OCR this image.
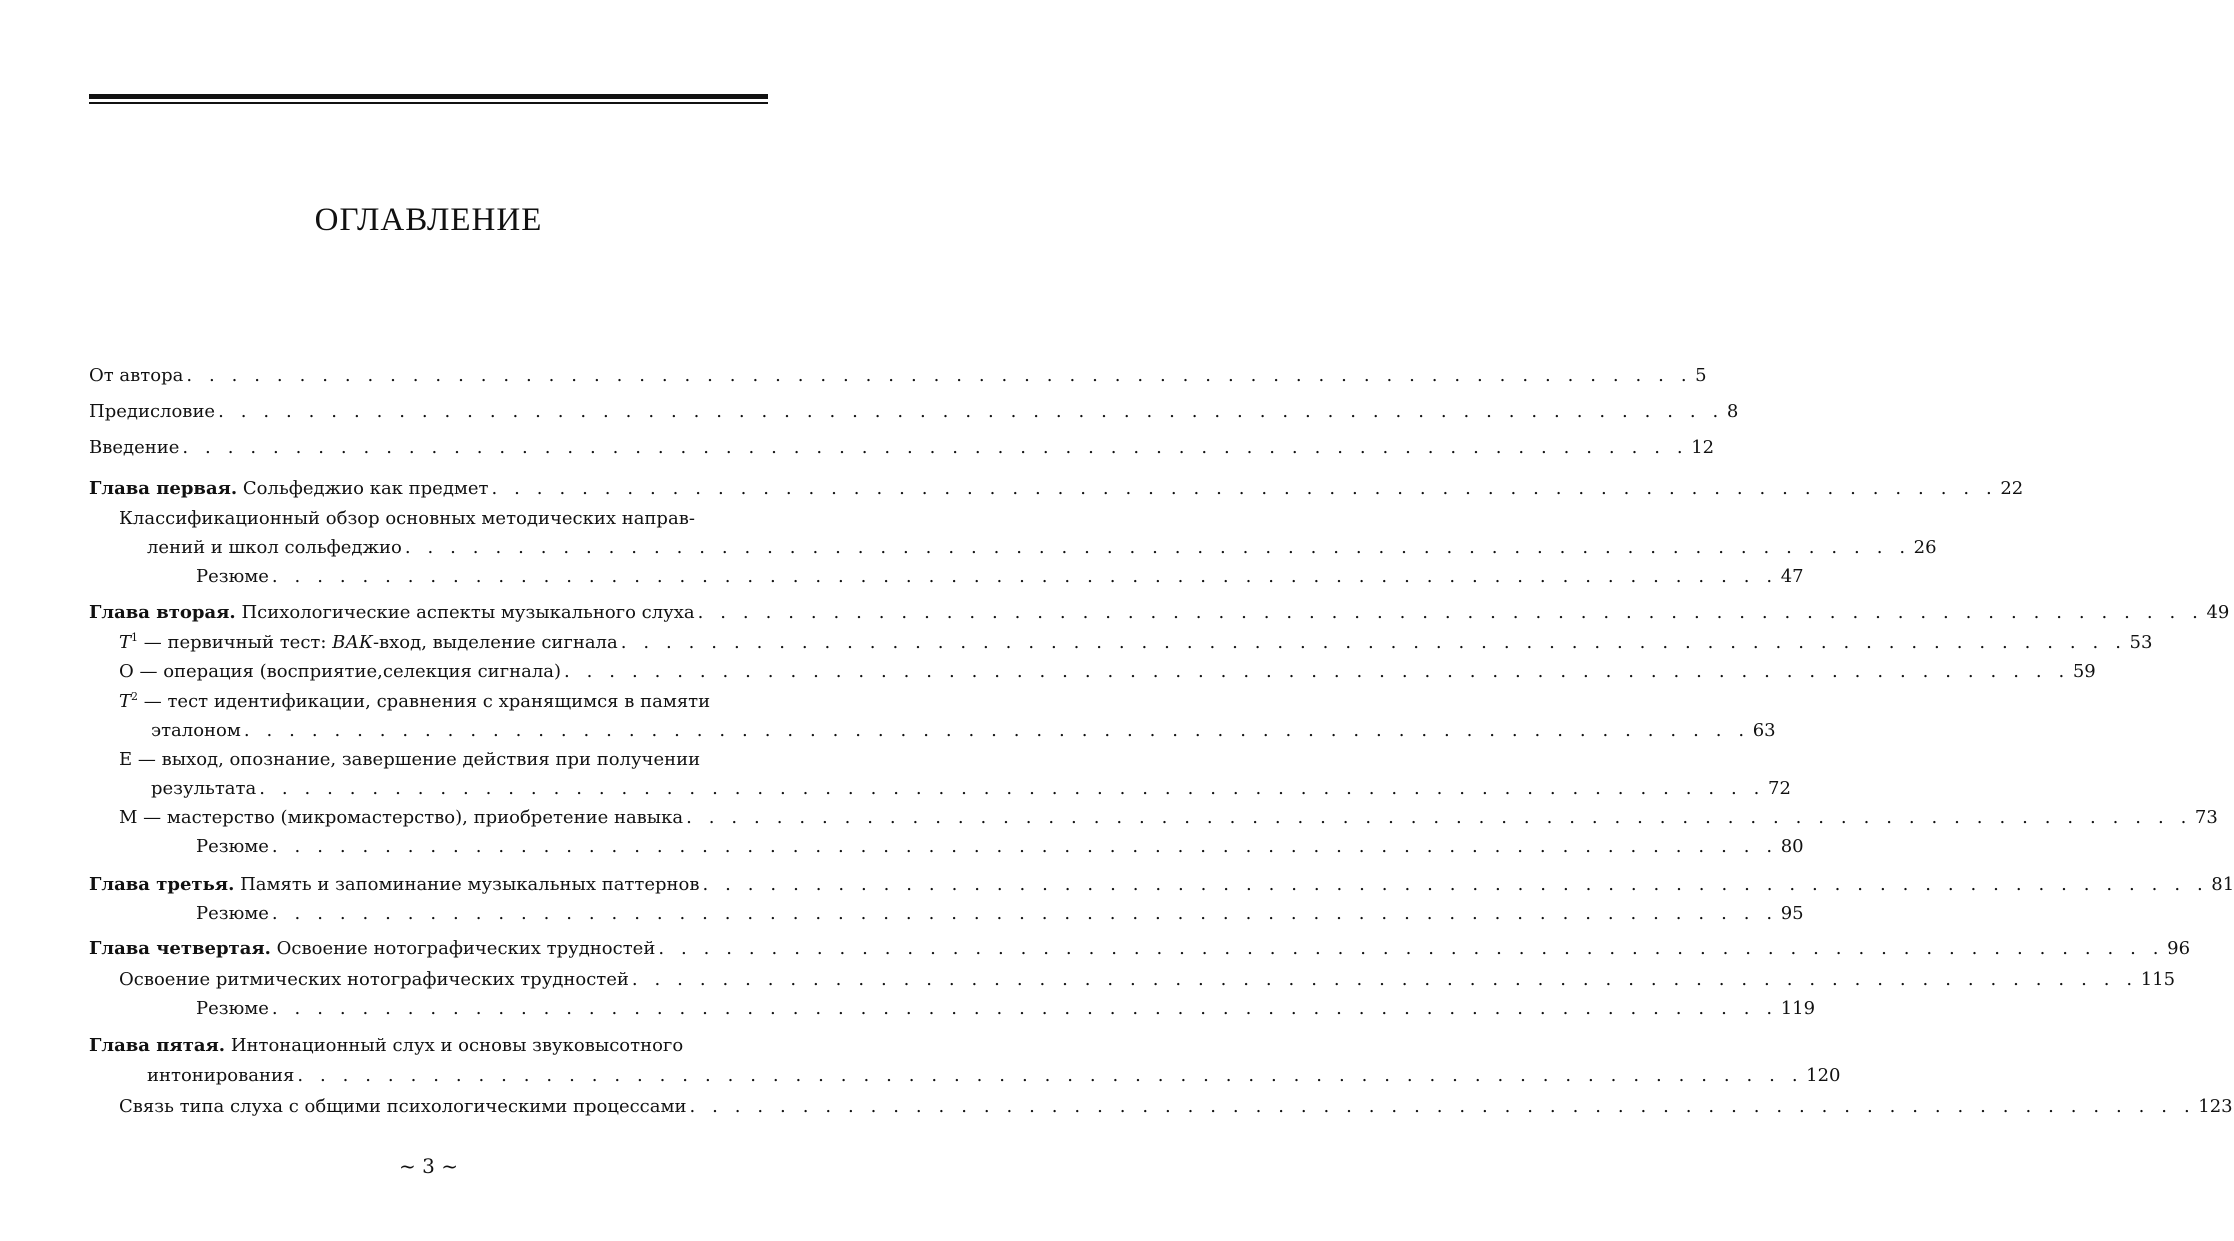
ОГЛАВЛЕНИЕ
От автора . . . . . . . . . . . . . . . . . . . . . . . . . . . . . . . . . . . . . . . . . . . . . . . . . . . . . . . . . . . . . . . . . . . 5
Предисловие . . . . . . . . . . . . . . . . . . . . . . . . . . . . . . . . . . . . . . . . . . . . . . . . . . . . . . . . . . . . . . . . . . . 8
Введение . . . . . . . . . . . . . . . . . . . . . . . . . . . . . . . . . . . . . . . . . . . . . . . . . . . . . . . . . . . . . . . . . . . 12
Глава первая. Сольфеджио как предмет . . . . . . . . . . . . . . . . . . . . . . . . . . . . . . . . . . . . . . . . . . . . . . . . . . . . . . . . . . . . . . . . . . . 22
Классификационный обзор основных методических направ-
лений и школ сольфеджио . . . . . . . . . . . . . . . . . . . . . . . . . . . . . . . . . . . . . . . . . . . . . . . . . . . . . . . . . . . . . . . . . . . 26
Резюме . . . . . . . . . . . . . . . . . . . . . . . . . . . . . . . . . . . . . . . . . . . . . . . . . . . . . . . . . . . . . . . . . . . 47
Глава вторая. Психологические аспекты музыкального слуха . . . . . . . . . . . . . . . . . . . . . . . . . . . . . . . . . . . . . . . . . . . . . . . . . . . . . . . . . . . . . . . . . . . 49
$T^1$ — первичный тест: ВАК-вход, выделение сигнала . . . . . . . . . . . . . . . . . . . . . . . . . . . . . . . . . . . . . . . . . . . . . . . . . . . . . . . . . . . . . . . . . . . 53
О — операция (восприятие,селекция сигнала) . . . . . . . . . . . . . . . . . . . . . . . . . . . . . . . . . . . . . . . . . . . . . . . . . . . . . . . . . . . . . . . . . . . 59
$T^2$ — тест идентификации, сравнения с хранящимся в памяти
эталоном . . . . . . . . . . . . . . . . . . . . . . . . . . . . . . . . . . . . . . . . . . . . . . . . . . . . . . . . . . . . . . . . . . . 63
Е — выход, опознание, завершение действия при получении
результата . . . . . . . . . . . . . . . . . . . . . . . . . . . . . . . . . . . . . . . . . . . . . . . . . . . . . . . . . . . . . . . . . . . 72
М — мастерство (микромастерство), приобретение навыка . . . . . . . . . . . . . . . . . . . . . . . . . . . . . . . . . . . . . . . . . . . . . . . . . . . . . . . . . . . . . . . . . . . 73
Резюме . . . . . . . . . . . . . . . . . . . . . . . . . . . . . . . . . . . . . . . . . . . . . . . . . . . . . . . . . . . . . . . . . . . 80
Глава третья. Память и запоминание музыкальных паттернов . . . . . . . . . . . . . . . . . . . . . . . . . . . . . . . . . . . . . . . . . . . . . . . . . . . . . . . . . . . . . . . . . . . 81
Резюме . . . . . . . . . . . . . . . . . . . . . . . . . . . . . . . . . . . . . . . . . . . . . . . . . . . . . . . . . . . . . . . . . . . 95
Глава четвертая. Освоение нотографических трудностей . . . . . . . . . . . . . . . . . . . . . . . . . . . . . . . . . . . . . . . . . . . . . . . . . . . . . . . . . . . . . . . . . . . 96
Освоение ритмических нотографических трудностей . . . . . . . . . . . . . . . . . . . . . . . . . . . . . . . . . . . . . . . . . . . . . . . . . . . . . . . . . . . . . . . . . . . 115
Резюме . . . . . . . . . . . . . . . . . . . . . . . . . . . . . . . . . . . . . . . . . . . . . . . . . . . . . . . . . . . . . . . . . . . 119
Глава пятая. Интонационный слух и основы звуковысотного
интонирования . . . . . . . . . . . . . . . . . . . . . . . . . . . . . . . . . . . . . . . . . . . . . . . . . . . . . . . . . . . . . . . . . . . 120
Связь типа слуха с общими психологическими процессами . . . . . . . . . . . . . . . . . . . . . . . . . . . . . . . . . . . . . . . . . . . . . . . . . . . . . . . . . . . . . . . . . . . 123
~ 3 ~
